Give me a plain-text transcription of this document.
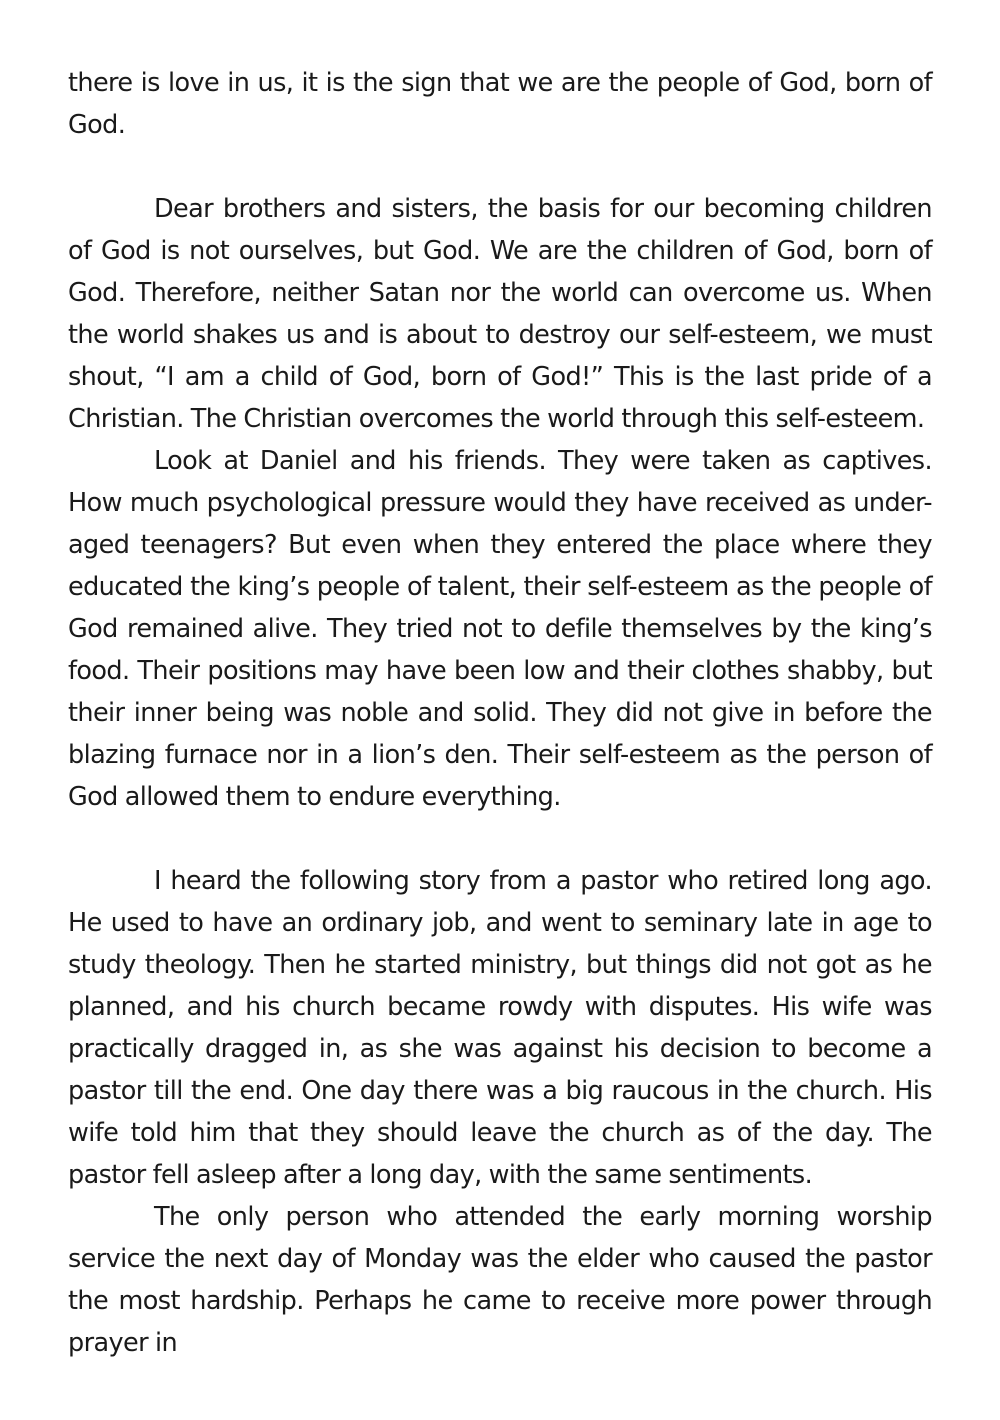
there is love in us, it is the sign that we are the people of God, born of God.

Dear brothers and sisters, the basis for our becoming children of God is not ourselves, but God. We are the children of God, born of God. Therefore, neither Satan nor the world can overcome us. When the world shakes us and is about to destroy our self-esteem, we must shout, “I am a child of God, born of God!” This is the last pride of a Christian. The Christian overcomes the world through this self-esteem.

Look at Daniel and his friends. They were taken as captives. How much psychological pressure would they have received as under-aged teenagers? But even when they entered the place where they educated the king’s people of talent, their self-esteem as the people of God remained alive. They tried not to defile themselves by the king’s food. Their positions may have been low and their clothes shabby, but their inner being was noble and solid. They did not give in before the blazing furnace nor in a lion’s den. Their self-esteem as the person of God allowed them to endure everything.

I heard the following story from a pastor who retired long ago. He used to have an ordinary job, and went to seminary late in age to study theology. Then he started ministry, but things did not got as he planned, and his church became rowdy with disputes. His wife was practically dragged in, as she was against his decision to become a pastor till the end. One day there was a big raucous in the church. His wife told him that they should leave the church as of the day. The pastor fell asleep after a long day, with the same sentiments.

The only person who attended the early morning worship service the next day of Monday was the elder who caused the pastor the most hardship. Perhaps he came to receive more power through prayer in
